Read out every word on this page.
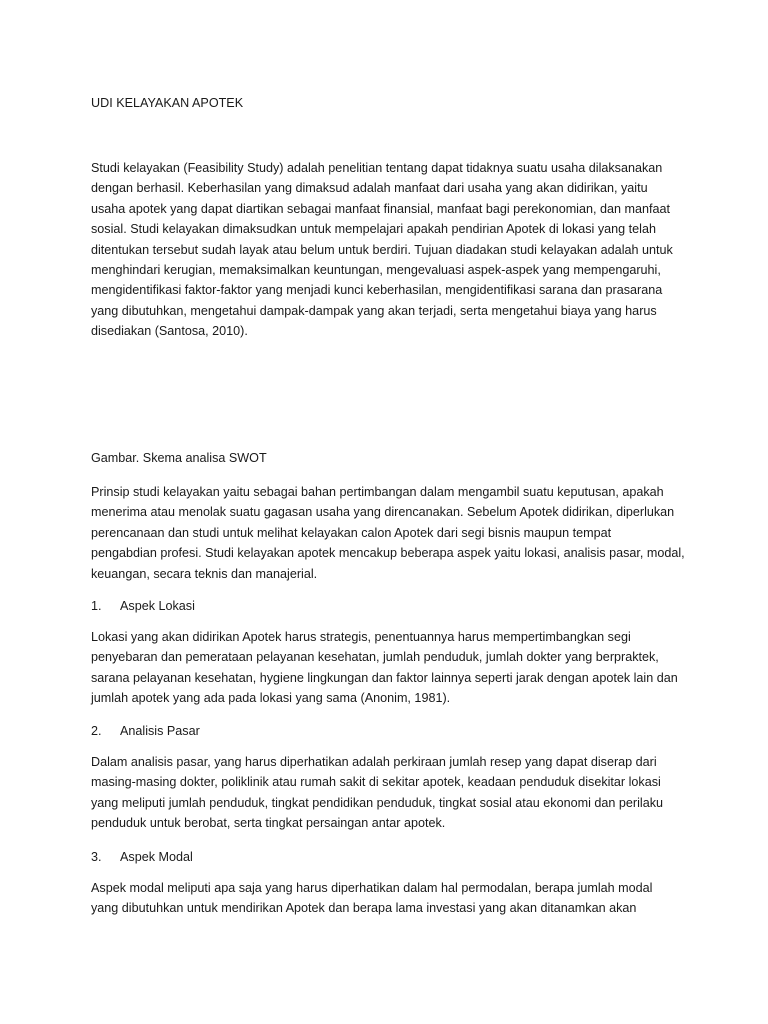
UDI KELAYAKAN APOTEK
Studi kelayakan (Feasibility Study) adalah penelitian tentang dapat tidaknya suatu usaha dilaksanakan
dengan berhasil. Keberhasilan yang dimaksud adalah manfaat dari usaha yang akan didirikan, yaitu
usaha apotek yang dapat diartikan sebagai manfaat finansial, manfaat bagi perekonomian, dan manfaat
sosial. Studi kelayakan dimaksudkan untuk mempelajari apakah pendirian Apotek di lokasi yang telah
ditentukan tersebut sudah layak atau belum untuk berdiri. Tujuan diadakan studi kelayakan adalah untuk
menghindari kerugian, memaksimalkan keuntungan, mengevaluasi aspek-aspek yang mempengaruhi,
mengidentifikasi faktor-faktor yang menjadi kunci keberhasilan, mengidentifikasi sarana dan prasarana
yang dibutuhkan, mengetahui dampak-dampak yang akan terjadi, serta mengetahui biaya yang harus
disediakan (Santosa, 2010).
Gambar. Skema analisa SWOT
Prinsip studi kelayakan yaitu sebagai bahan pertimbangan dalam mengambil suatu keputusan, apakah
menerima atau menolak suatu gagasan usaha yang direncanakan. Sebelum Apotek didirikan, diperlukan
perencanaan dan studi untuk melihat kelayakan calon Apotek dari segi bisnis maupun tempat
pengabdian profesi. Studi kelayakan apotek mencakup beberapa aspek yaitu lokasi, analisis pasar, modal,
keuangan, secara teknis dan manajerial.
1. Aspek Lokasi
Lokasi yang akan didirikan Apotek harus strategis, penentuannya harus mempertimbangkan segi
penyebaran dan pemerataan pelayanan kesehatan, jumlah penduduk, jumlah dokter yang berpraktek,
sarana pelayanan kesehatan, hygiene lingkungan dan faktor lainnya seperti jarak dengan apotek lain dan
jumlah apotek yang ada pada lokasi yang sama (Anonim, 1981).
2. Analisis Pasar
Dalam analisis pasar, yang harus diperhatikan adalah perkiraan jumlah resep yang dapat diserap dari
masing-masing dokter, poliklinik atau rumah sakit di sekitar apotek, keadaan penduduk disekitar lokasi
yang meliputi jumlah penduduk, tingkat pendidikan penduduk, tingkat sosial atau ekonomi dan perilaku
penduduk untuk berobat, serta tingkat persaingan antar apotek.
3. Aspek Modal
Aspek modal meliputi apa saja yang harus diperhatikan dalam hal permodalan, berapa jumlah modal
yang dibutuhkan untuk mendirikan Apotek dan berapa lama investasi yang akan ditanamkan akan
